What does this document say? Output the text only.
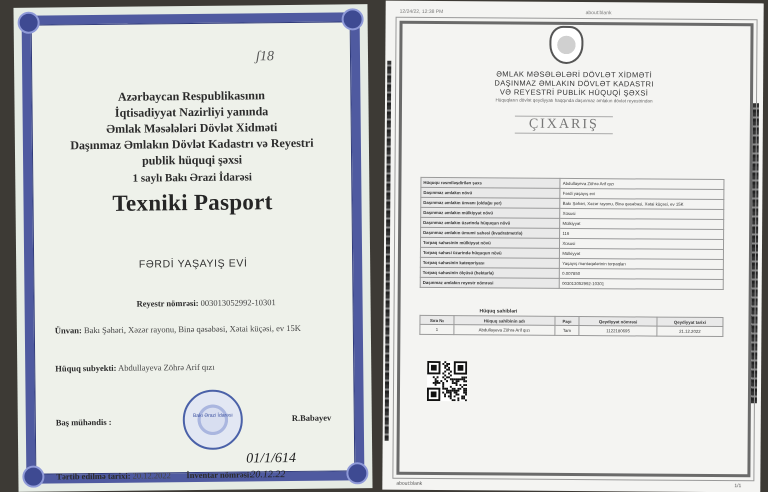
ʃ18
Azərbaycan Respublikasının
İqtisadiyyat Nazirliyi yanında
Əmlak Məsələləri Dövlət Xidməti
Daşınmaz Əmlakın Dövlət Kadastrı və Reyestri
publik hüquqi şəxsi
1 saylı Bakı Ərazi İdarəsi
Texniki Pasport
FƏRDİ YAŞAYIŞ EVİ
Reyestr nömrəsi: 003013052992-10301
Ünvan: Bakı Şəhəri, Xəzər rayonu, Binə qəsəbəsi, Xətai küçəsi, ev 15K
Hüquq subyekti: Abdullayeva Zöhrə Arif qızı
Bakı Ərazi İdarəsi
Baş mühəndis :	R.Babayev
Tərtib edilmə tarixi: 20.12.2022 İnventar nömrəsi:
01/1/614
20.12.22
12/24/22, 12:38 PM	about:blank
ƏMLAK MƏSƏLƏLƏRİ DÖVLƏT XİDMƏTİ
DAŞINMAZ ƏMLAKIN DÖVLƏT KADASTRI
VƏ REYESTRİ PUBLİK HÜQUQİ ŞƏXSİ
Hüquqların dövlət qeydiyyatı haqqında daşınmaz əmlakın dövlət reyestrindən
ÇIXARIŞ
Hüququ rəsmiləşdirilən şəxs	Abdullayeva Zöhrə Arif qızı
Daşınmaz əmlakın növü	Fərdi yaşayış evi
Daşınmaz əmlakın ünvanı (olduğu yer)	Bakı Şəhəri, Xəzər rayonu, Binə qəsəbəsi, Xətai küçəsi, ev 15K
Daşınmaz əmlakın mülkiyyət növü	Xüsusi
Daşınmaz əmlakın üzərində hüququn növü	Mülkiyyət
Daşınmaz əmlakın ümumi sahəsi (kvadratmetrlə)	116
Torpaq sahəsinin mülkiyyət növü	Xüsusi
Torpaq sahəsi üzərində hüququn növü	Mülkiyyət
Torpaq sahəsinin kateqoriyası	Yaşayış məntəqələrinin torpaqları
Torpaq sahəsinin ölçüsü (hektarla)	0.007850
Daşınmaz əmlakın reyestr nömrəsi	003013052992-10301
Hüquq sahibləri
Sıra №	Hüquq sahibinin adı	Payı	Qeydiyyat nömrəsi	Qeydiyyat tarixi
1	Abdullayeva Zöhrə Arif qızı	Tam	1122180695	21.12.2022
about:blank	1/1
